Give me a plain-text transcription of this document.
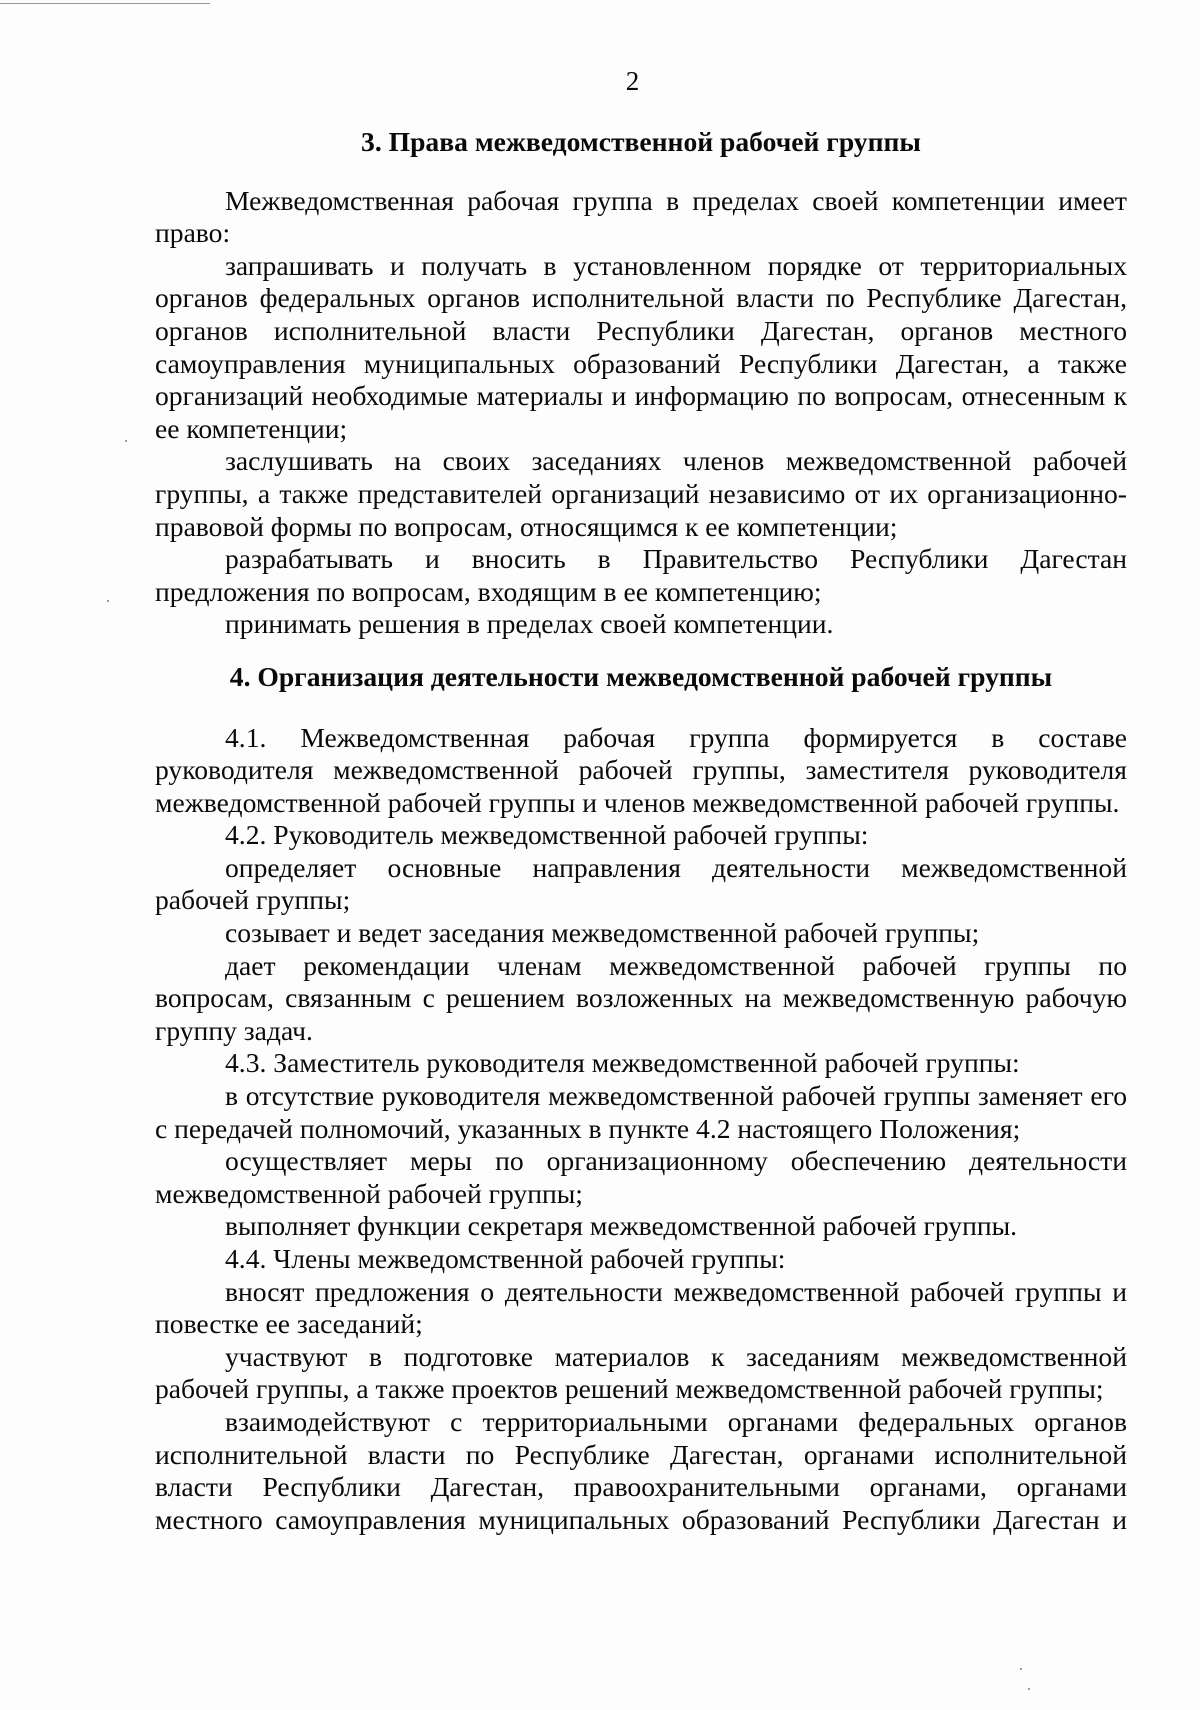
2
3. Права межведомственной рабочей группы

Межведомственная рабочая группа в пределах своей компетенции имеет право:

запрашивать и получать в установленном порядке от территориальных органов федеральных органов исполнительной власти по Республике Дагестан, органов исполнительной власти Республики Дагестан, органов местного самоуправления муниципальных образований Республики Дагестан, а также организаций необходимые материалы и информацию по вопросам, отнесенным к ее компетенции;

заслушивать на своих заседаниях членов межведомственной рабочей группы, а также представителей организаций независимо от их организационно-правовой формы по вопросам, относящимся к ее компетенции;

разрабатывать и вносить в Правительство Республики Дагестан предложения по вопросам, входящим в ее компетенцию;

принимать решения в пределах своей компетенции.

4. Организация деятельности межведомственной рабочей группы

4.1. Межведомственная рабочая группа формируется в составе руководителя межведомственной рабочей группы, заместителя руководителя межведомственной рабочей группы и членов межведомственной рабочей группы.

4.2. Руководитель межведомственной рабочей группы:

определяет основные направления деятельности межведомственной рабочей группы;

созывает и ведет заседания межведомственной рабочей группы;

дает рекомендации членам межведомственной рабочей группы по вопросам, связанным с решением возложенных на межведомственную рабочую группу задач.

4.3. Заместитель руководителя межведомственной рабочей группы:

в отсутствие руководителя межведомственной рабочей группы заменяет его с передачей полномочий, указанных в пункте 4.2 настоящего Положения;

осуществляет меры по организационному обеспечению деятельности межведомственной рабочей группы;

выполняет функции секретаря межведомственной рабочей группы.

4.4. Члены межведомственной рабочей группы:

вносят предложения о деятельности межведомственной рабочей группы и повестке ее заседаний;

участвуют в подготовке материалов к заседаниям межведомственной рабочей группы, а также проектов решений межведомственной рабочей группы;

взаимодействуют с территориальными органами федеральных органов исполнительной власти по Республике Дагестан, органами исполнительной власти Республики Дагестан, правоохранительными органами, органами местного самоуправления муниципальных образований Республики Дагестан и
